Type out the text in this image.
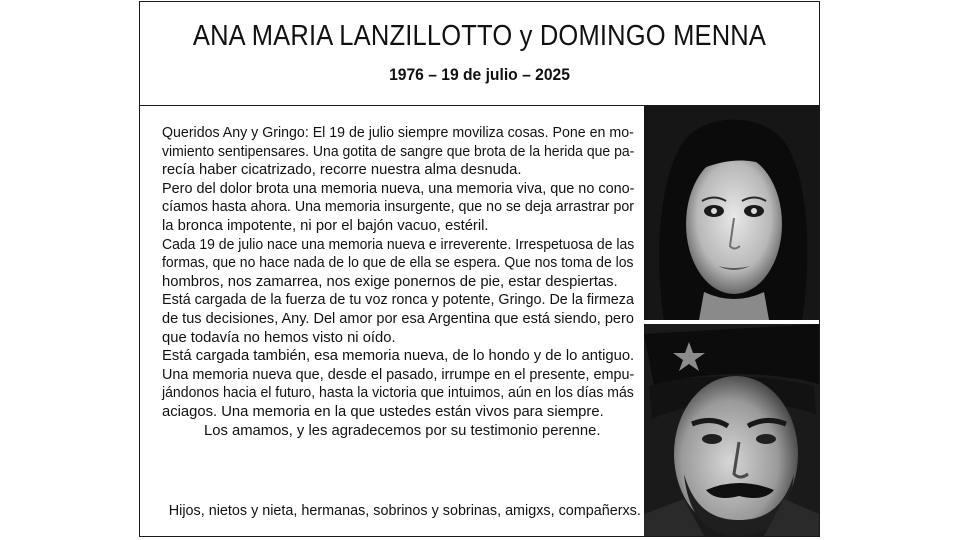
ANA MARIA LANZILLOTTO y DOMINGO MENNA
1976 – 19 de julio – 2025
Queridos Any y Gringo: El 19 de julio siempre moviliza cosas. Pone en mo-
vimiento sentipensares. Una gotita de sangre que brota de la herida que pa-
recía haber cicatrizado, recorre nuestra alma desnuda.
Pero del dolor brota una memoria nueva, una memoria viva, que no cono-
cíamos hasta ahora. Una memoria insurgente, que no se deja arrastrar por
la bronca impotente, ni por el bajón vacuo, estéril.
Cada 19 de julio nace una memoria nueva e irreverente. Irrespetuosa de las
formas, que no hace nada de lo que de ella se espera. Que nos toma de los
hombros, nos zamarrea, nos exige ponernos de pie, estar despiertas.
Está cargada de la fuerza de tu voz ronca y potente, Gringo. De la firmeza
de tus decisiones, Any. Del amor por esa Argentina que está siendo, pero
que todavía no hemos visto ni oído.
Está cargada también, esa memoria nueva, de lo hondo y de lo antiguo.
Una memoria nueva que, desde el pasado, irrumpe en el presente, empu-
jándonos hacia el futuro, hasta la victoria que intuimos, aún en los días más
aciagos. Una memoria en la que ustedes están vivos para siempre.
Los amamos, y les agradecemos por su testimonio perenne.
Hijos, nietos y nieta, hermanas, sobrinos y sobrinas, amigxs, compañerxs.
